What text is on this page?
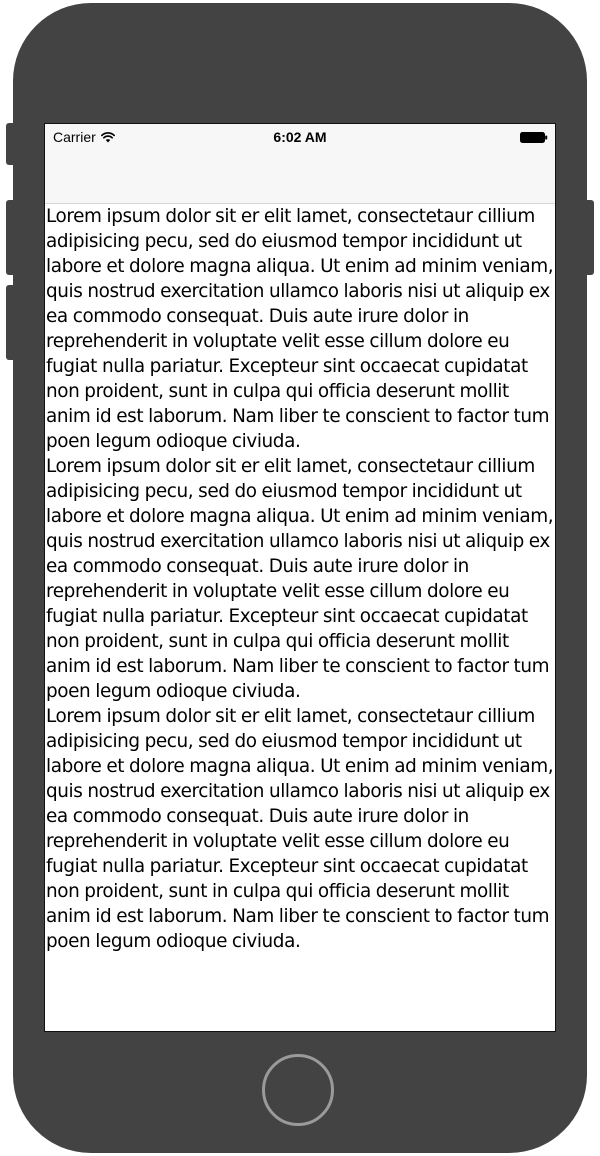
Carrier	6:02 AM

Lorem ipsum dolor sit er elit lamet, consectetaur cillium adipisicing pecu, sed do eiusmod tempor incididunt ut labore et dolore magna aliqua. Ut enim ad minim veniam, quis nostrud exercitation ullamco laboris nisi ut aliquip ex ea commodo consequat. Duis aute irure dolor in reprehenderit in voluptate velit esse cillum dolore eu fugiat nulla pariatur. Excepteur sint occaecat cupidatat non proident, sunt in culpa qui officia deserunt mollit anim id est laborum. Nam liber te conscient to factor tum poen legum odioque civiuda.

Lorem ipsum dolor sit er elit lamet, consectetaur cillium adipisicing pecu, sed do eiusmod tempor incididunt ut labore et dolore magna aliqua. Ut enim ad minim veniam, quis nostrud exercitation ullamco laboris nisi ut aliquip ex ea commodo consequat. Duis aute irure dolor in reprehenderit in voluptate velit esse cillum dolore eu fugiat nulla pariatur. Excepteur sint occaecat cupidatat non proident, sunt in culpa qui officia deserunt mollit anim id est laborum. Nam liber te conscient to factor tum poen legum odioque civiuda.

Lorem ipsum dolor sit er elit lamet, consectetaur cillium adipisicing pecu, sed do eiusmod tempor incididunt ut labore et dolore magna aliqua. Ut enim ad minim veniam, quis nostrud exercitation ullamco laboris nisi ut aliquip ex ea commodo consequat. Duis aute irure dolor in reprehenderit in voluptate velit esse cillum dolore eu fugiat nulla pariatur. Excepteur sint occaecat cupidatat non proident, sunt in culpa qui officia deserunt mollit anim id est laborum. Nam liber te conscient to factor tum poen legum odioque civiuda.
